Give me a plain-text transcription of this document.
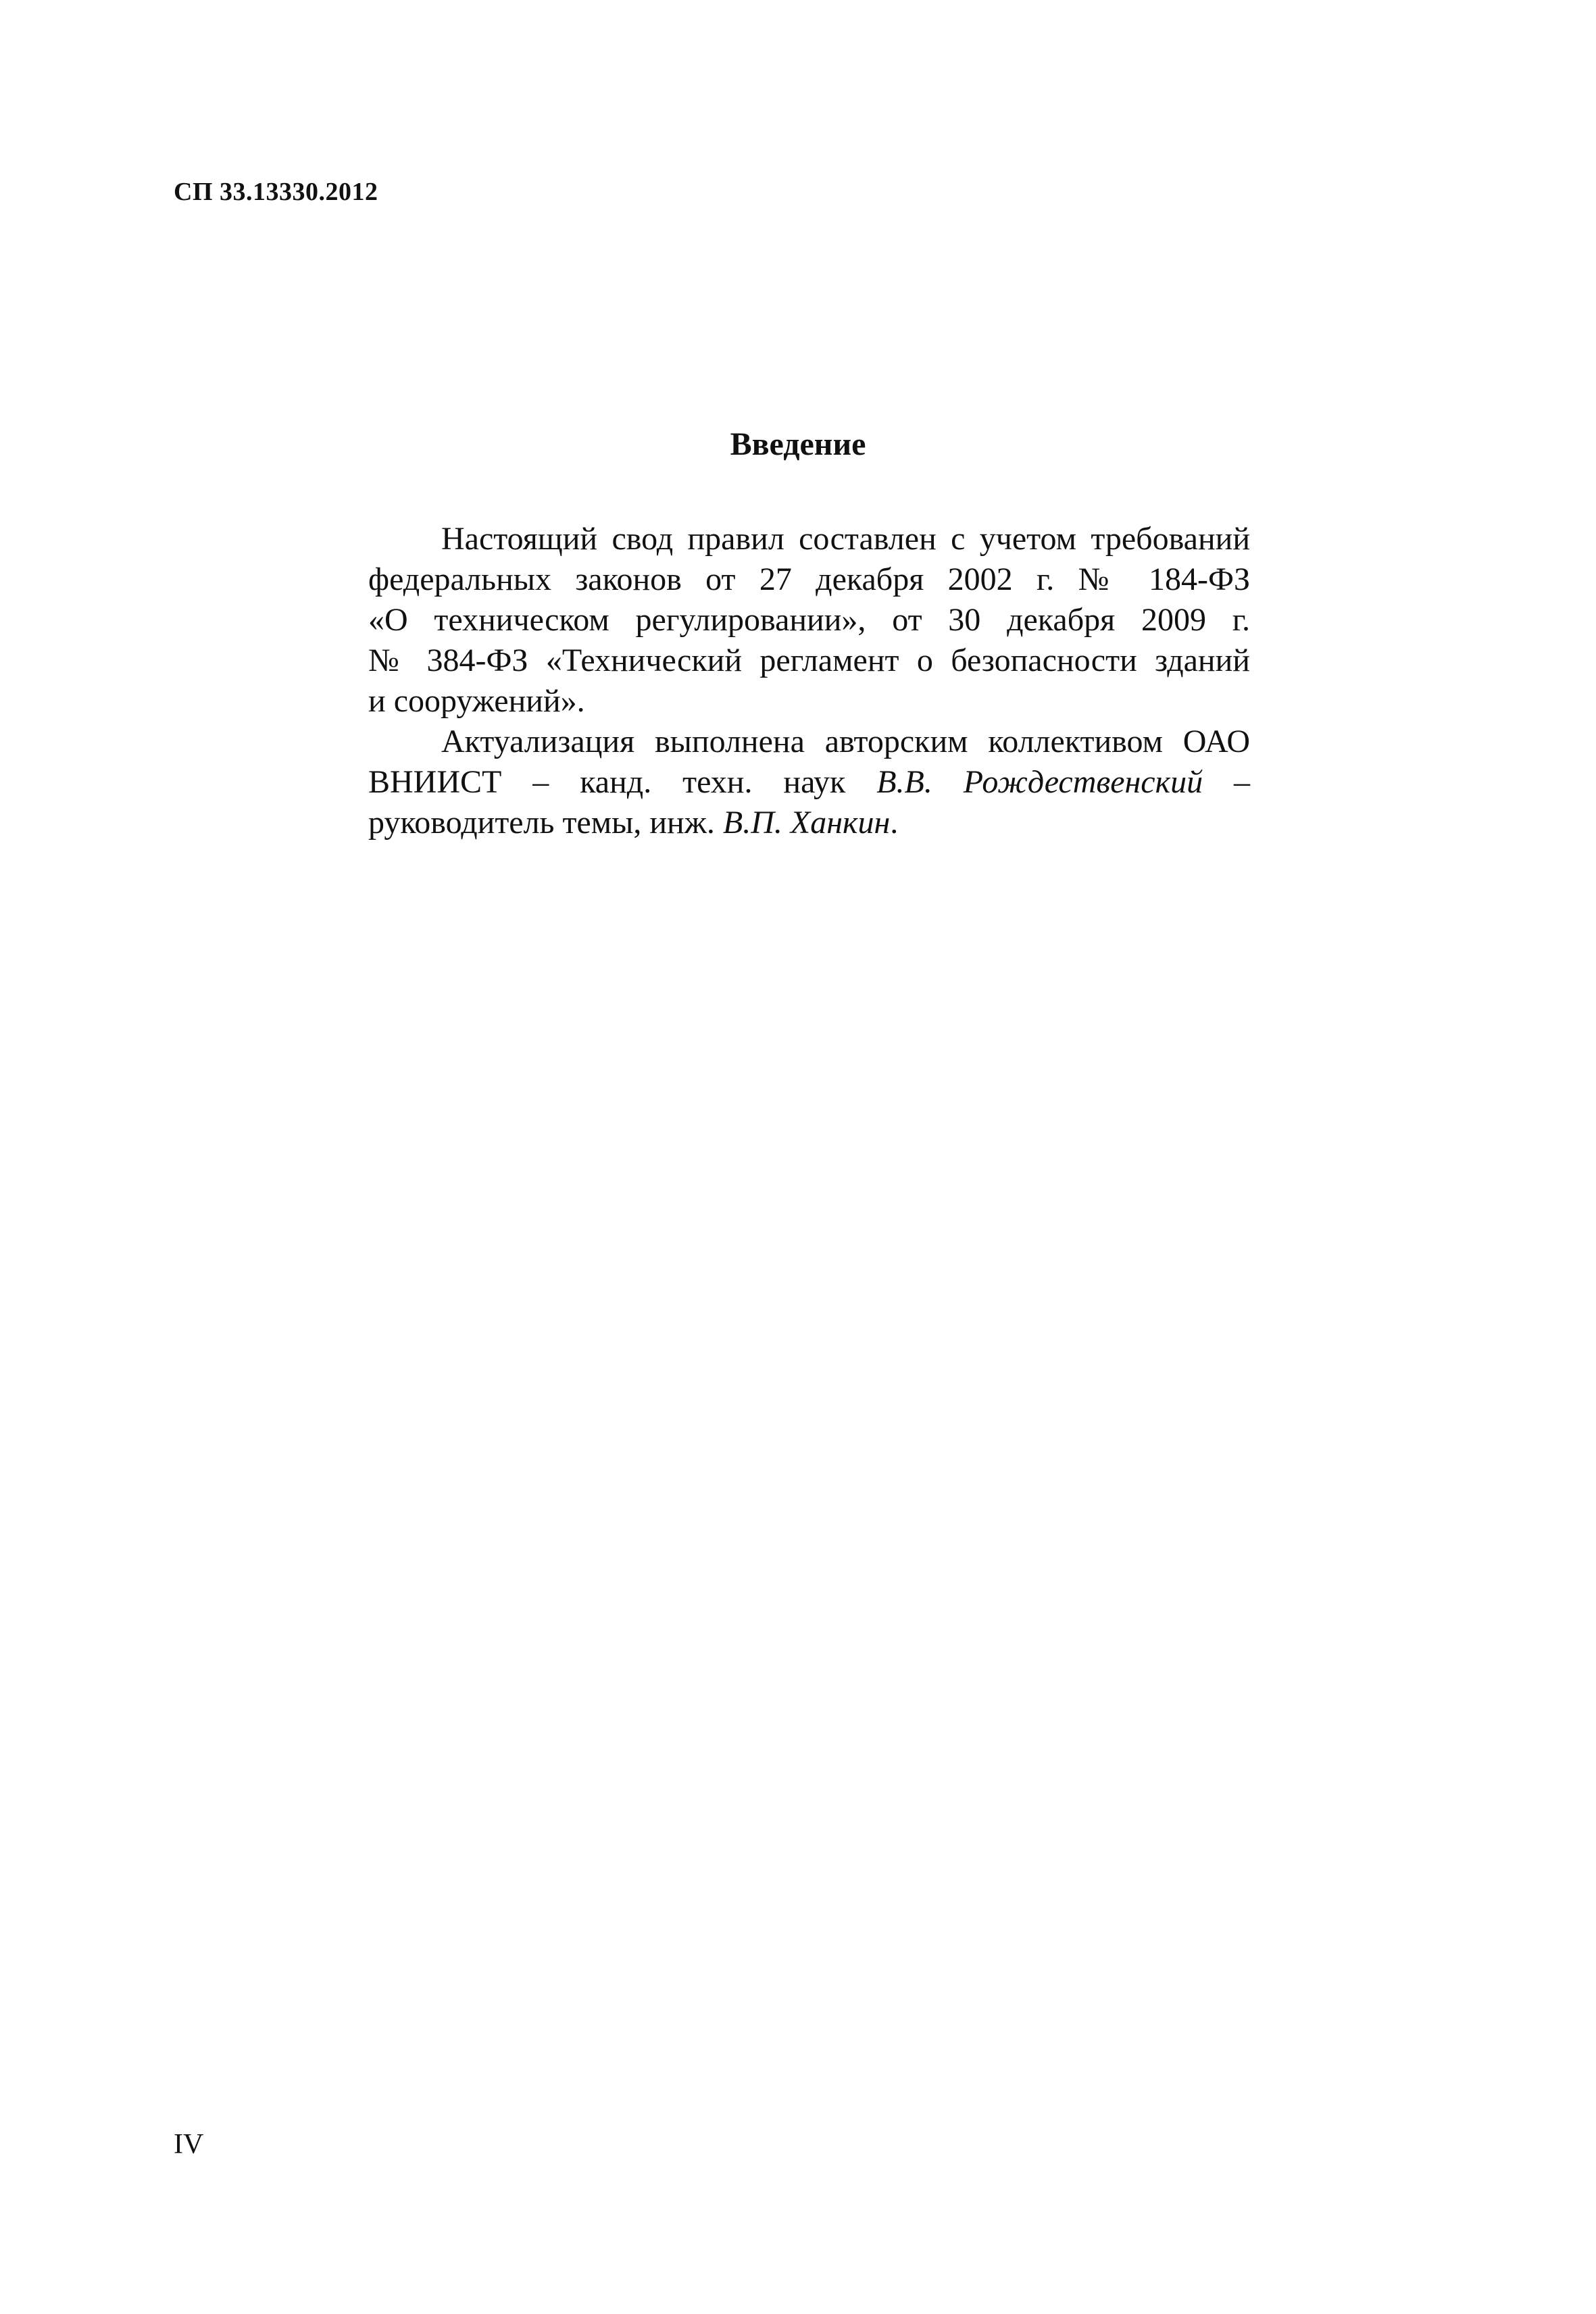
СП 33.13330.2012
Введение
Настоящий свод правил составлен с учетом требований
федеральных законов от 27 декабря 2002 г. № 184-ФЗ
«О техническом регулировании», от 30 декабря 2009 г.
№ 384-ФЗ «Технический регламент о безопасности зданий
и сооружений».
Актуализация выполнена авторским коллективом ОАО
ВНИИСТ – канд. техн. наук В.В. Рождественский –
руководитель темы, инж. В.П. Ханкин.
IV
